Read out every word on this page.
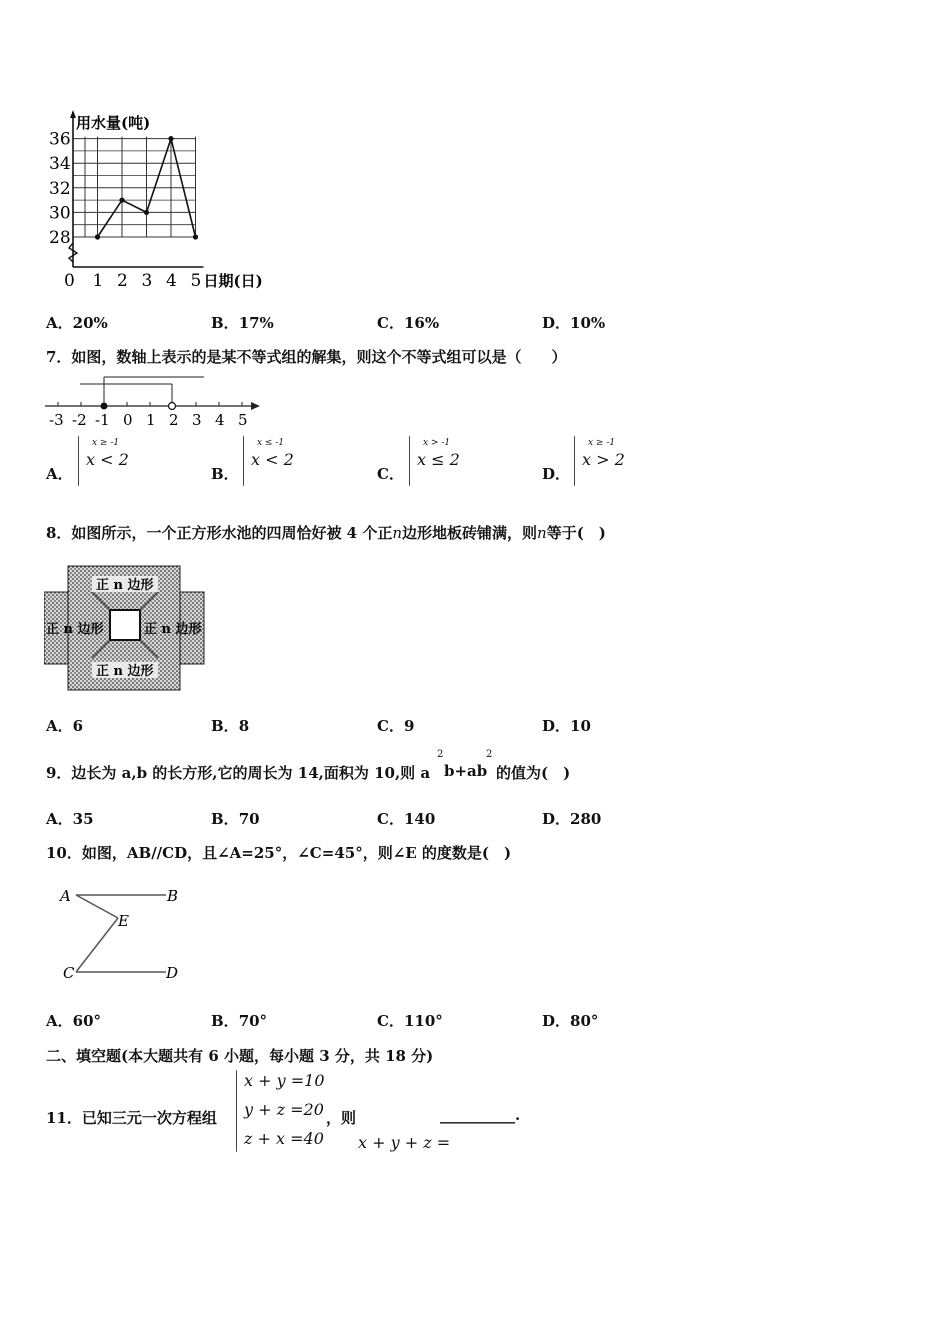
28
30
32
34
36
0 1 2 3 4 5
用水量(吨)
日期(日)
A．20%	B．17%	C．16%	D．10%
7．如图，数轴上表示的是某不等式组的解集，则这个不等式组可以是（　　）
-3 -2 -1 0 1 2 3 4 5
A．
x ≥ -1
x < 2
B．
x ≤ -1
x < 2
C．
x > -1
x ≤ 2
D．
x ≥ -1
x > 2
8．如图所示，一个正方形水池的四周恰好被 4 个正n边形地板砖铺满，则n等于(　)
正 n 边形
正 n 边形	正 n 边形
正 n 边形
A．6	B．8	C．9	D．10
9．边长为 a,b 的长方形,它的周长为 14,面积为 10,则 a
2
b+ab
2
的值为(　)
A．35	B．70	C．140	D．280
10．如图，AB//CD，且∠A=25°，∠C=45°，则∠E 的度数是(　)
A	B
E
C	D
A．60°	B．70°	C．110°	D．80°
二、填空题(本大题共有 6 小题，每小题 3 分，共 18 分)
11．已知三元一次方程组
x + y =10
y + z =20
z + x =40
，则
x + y + z =
__________.
